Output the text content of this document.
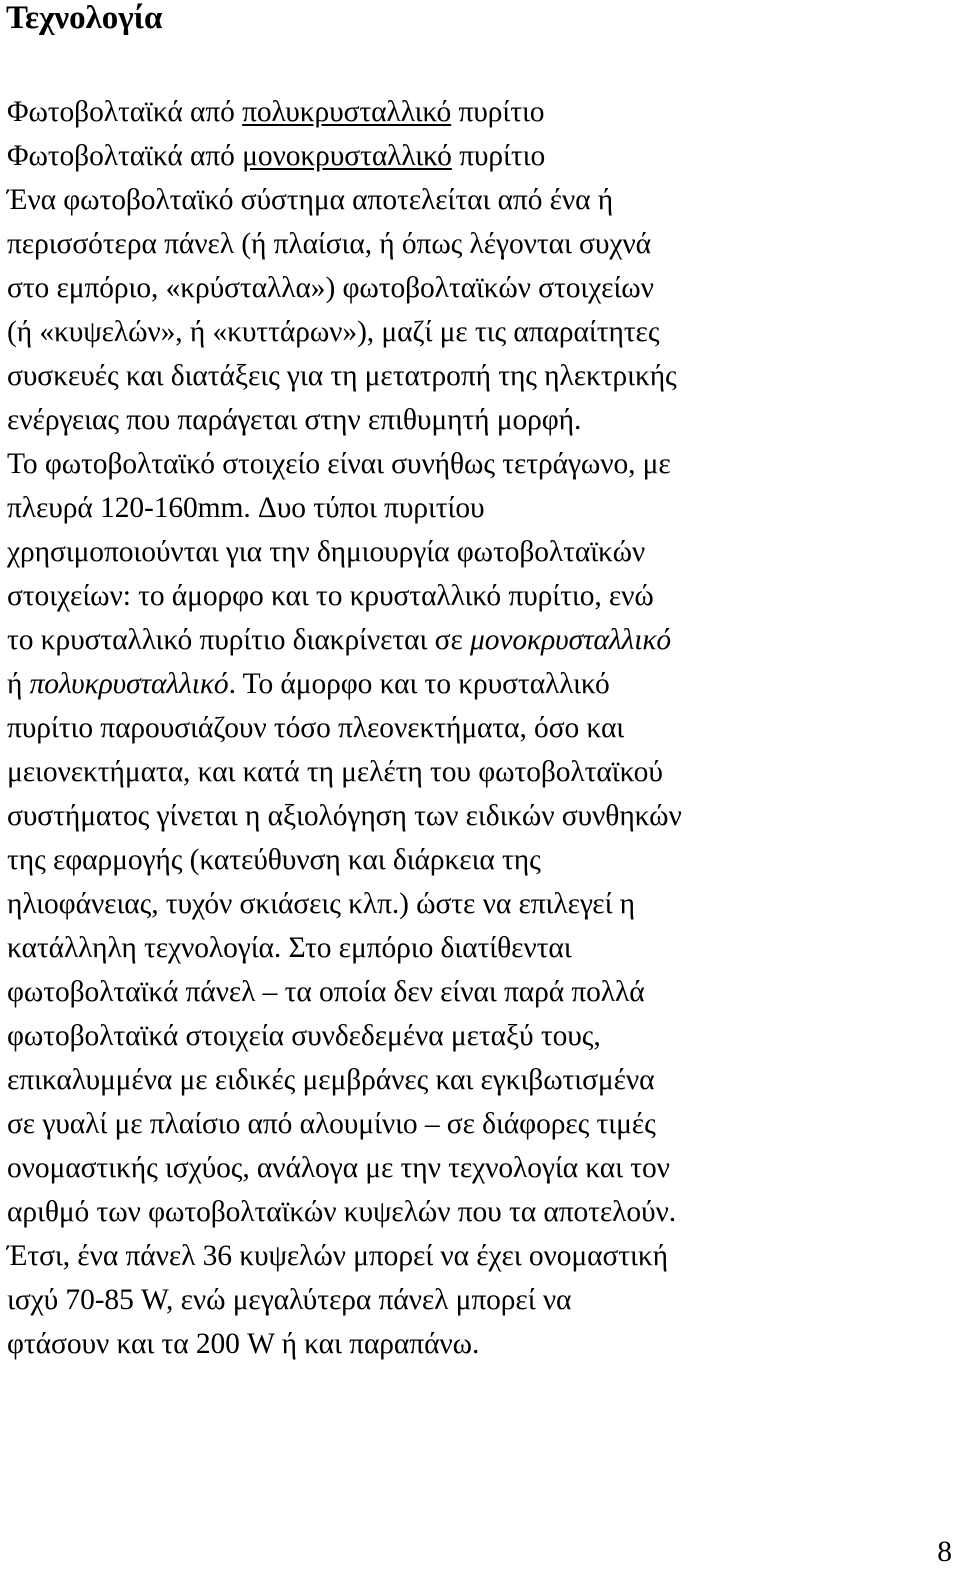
Τεχνολογία
Φωτοβολταϊκά από πολυκρυσταλλικό πυρίτιο
Φωτοβολταϊκά από μονοκρυσταλλικό πυρίτιο
Ένα φωτοβολταϊκό σύστημα αποτελείται από ένα ή
περισσότερα πάνελ (ή πλαίσια, ή όπως λέγονται συχνά
στο εμπόριο, «κρύσταλλα») φωτοβολταϊκών στοιχείων
(ή «κυψελών», ή «κυττάρων»), μαζί με τις απαραίτητες
συσκευές και διατάξεις για τη μετατροπή της ηλεκτρικής
ενέργειας που παράγεται στην επιθυμητή μορφή.
Το φωτοβολταϊκό στοιχείο είναι συνήθως τετράγωνο, με
πλευρά 120-160mm. Δυο τύποι πυριτίου
χρησιμοποιούνται για την δημιουργία φωτοβολταϊκών
στοιχείων: το άμορφο και το κρυσταλλικό πυρίτιο, ενώ
το κρυσταλλικό πυρίτιο διακρίνεται σε μονοκρυσταλλικό
ή πολυκρυσταλλικό. Το άμορφο και το κρυσταλλικό
πυρίτιο παρουσιάζουν τόσο πλεονεκτήματα, όσο και
μειονεκτήματα, και κατά τη μελέτη του φωτοβολταϊκού
συστήματος γίνεται η αξιολόγηση των ειδικών συνθηκών
της εφαρμογής (κατεύθυνση και διάρκεια της
ηλιοφάνειας, τυχόν σκιάσεις κλπ.) ώστε να επιλεγεί η
κατάλληλη τεχνολογία. Στο εμπόριο διατίθενται
φωτοβολταϊκά πάνελ – τα οποία δεν είναι παρά πολλά
φωτοβολταϊκά στοιχεία συνδεδεμένα μεταξύ τους,
επικαλυμμένα με ειδικές μεμβράνες και εγκιβωτισμένα
σε γυαλί με πλαίσιο από αλουμίνιο – σε διάφορες τιμές
ονομαστικής ισχύος, ανάλογα με την τεχνολογία και τον
αριθμό των φωτοβολταϊκών κυψελών που τα αποτελούν.
Έτσι, ένα πάνελ 36 κυψελών μπορεί να έχει ονομαστική
ισχύ 70-85 W, ενώ μεγαλύτερα πάνελ μπορεί να
φτάσουν και τα 200 W ή και παραπάνω.
8
